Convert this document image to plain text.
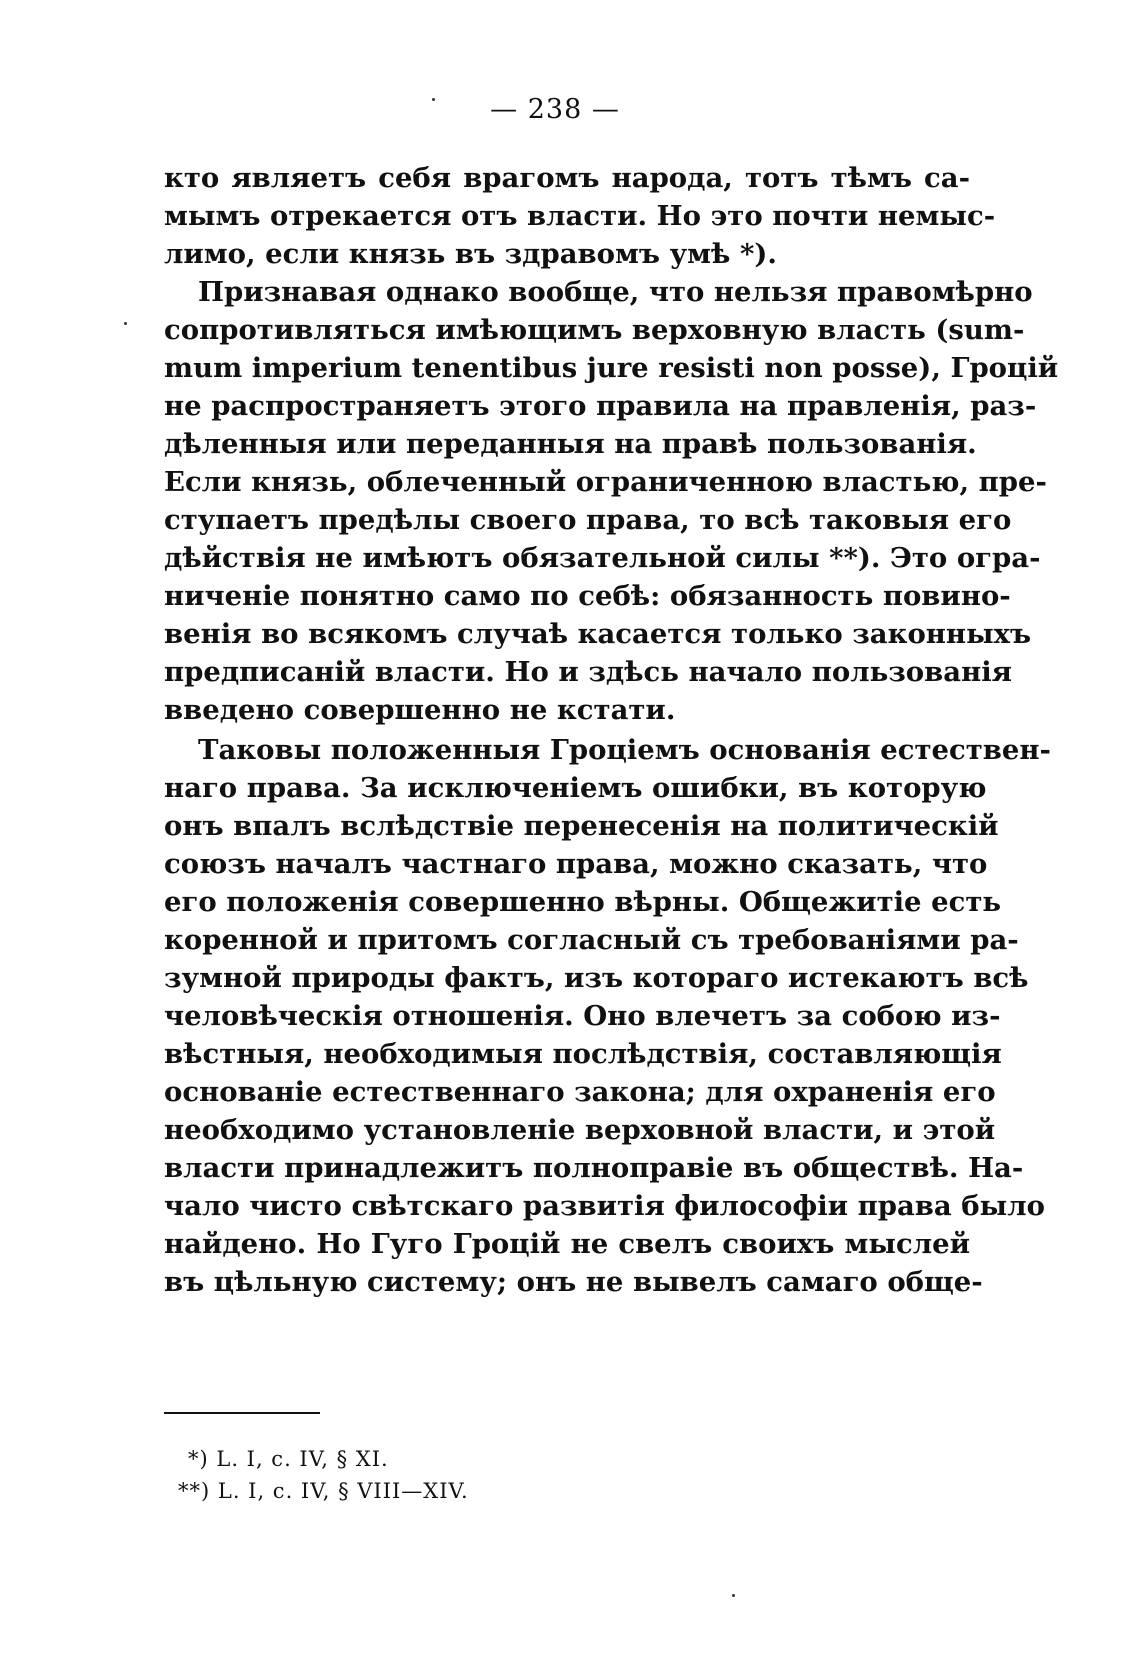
— 238 —
кто являетъ себя врагомъ народа, тотъ тѣмъ са-
мымъ отрекается отъ власти. Но это почти немыс-
лимо, если князь въ здравомъ умѣ *).
Признавая однако вообще, что нельзя правомѣрно
сопротивляться имѣющимъ верховную власть (sum-
mum imperium tenentibus jure resisti non posse), Гроцій
не распространяетъ этого правила на правленія, раз-
дѣленныя или переданныя на правѣ пользованія.
Если князь, облеченный ограниченною властью, пре-
ступаетъ предѣлы своего права, то всѣ таковыя его
дѣйствія не имѣютъ обязательной силы **). Это огра-
ниченіе понятно само по себѣ: обязанность повино-
венія во всякомъ случаѣ касается только законныхъ
предписаній власти. Но и здѣсь начало пользованія
введено совершенно не кстати.
Таковы положенныя Гроціемъ основанія естествен-
наго права. За исключеніемъ ошибки, въ которую
онъ впалъ вслѣдствіе перенесенія на политическій
союзъ началъ частнаго права, можно сказать, что
его положенія совершенно вѣрны. Общежитіе есть
коренной и притомъ согласный съ требованіями ра-
зумной природы фактъ, изъ котораго истекаютъ всѣ
человѣческія отношенія. Оно влечетъ за собою из-
вѣстныя, необходимыя послѣдствія, составляющія
основаніе естественнаго закона; для охраненія его
необходимо установленіе верховной власти, и этой
власти принадлежитъ полноправіе въ обществѣ. На-
чало чисто свѣтскаго развитія философіи права было
найдено. Но Гуго Гроцій не свелъ своихъ мыслей
въ цѣльную систему; онъ не вывелъ самаго обще-
*) L. I, c. IV, § XI.
**) L. I, c. IV, § VIII—XIV.
